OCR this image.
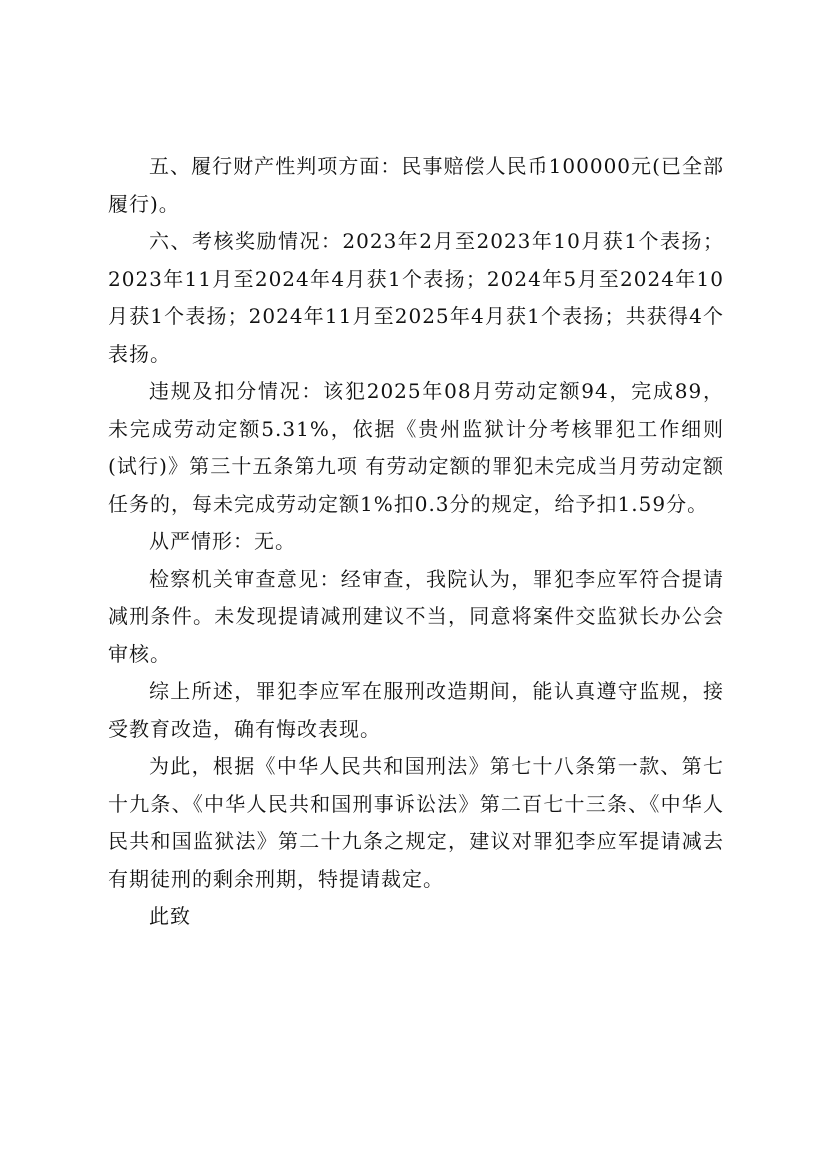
五、履行财产性判项方面：民事赔偿人民币100000元(已全部履行)。

六、考核奖励情况：2023年2月至2023年10月获1个表扬；2023年11月至2024年4月获1个表扬；2024年5月至2024年10月获1个表扬；2024年11月至2025年4月获1个表扬；共获得4个表扬。

违规及扣分情况：该犯2025年08月劳动定额94，完成89，未完成劳动定额5.31%，依据《贵州监狱计分考核罪犯工作细则(试行)》第三十五条第九项 有劳动定额的罪犯未完成当月劳动定额任务的，每未完成劳动定额1%扣0.3分的规定，给予扣1.59分。

从严情形：无。

检察机关审查意见：经审查，我院认为，罪犯李应军符合提请减刑条件。未发现提请减刑建议不当，同意将案件交监狱长办公会审核。

综上所述，罪犯李应军在服刑改造期间，能认真遵守监规，接受教育改造，确有悔改表现。

为此，根据《中华人民共和国刑法》第七十八条第一款、第七十九条、《中华人民共和国刑事诉讼法》第二百七十三条、《中华人民共和国监狱法》第二十九条之规定，建议对罪犯李应军提请减去有期徒刑的剩余刑期，特提请裁定。

此致
